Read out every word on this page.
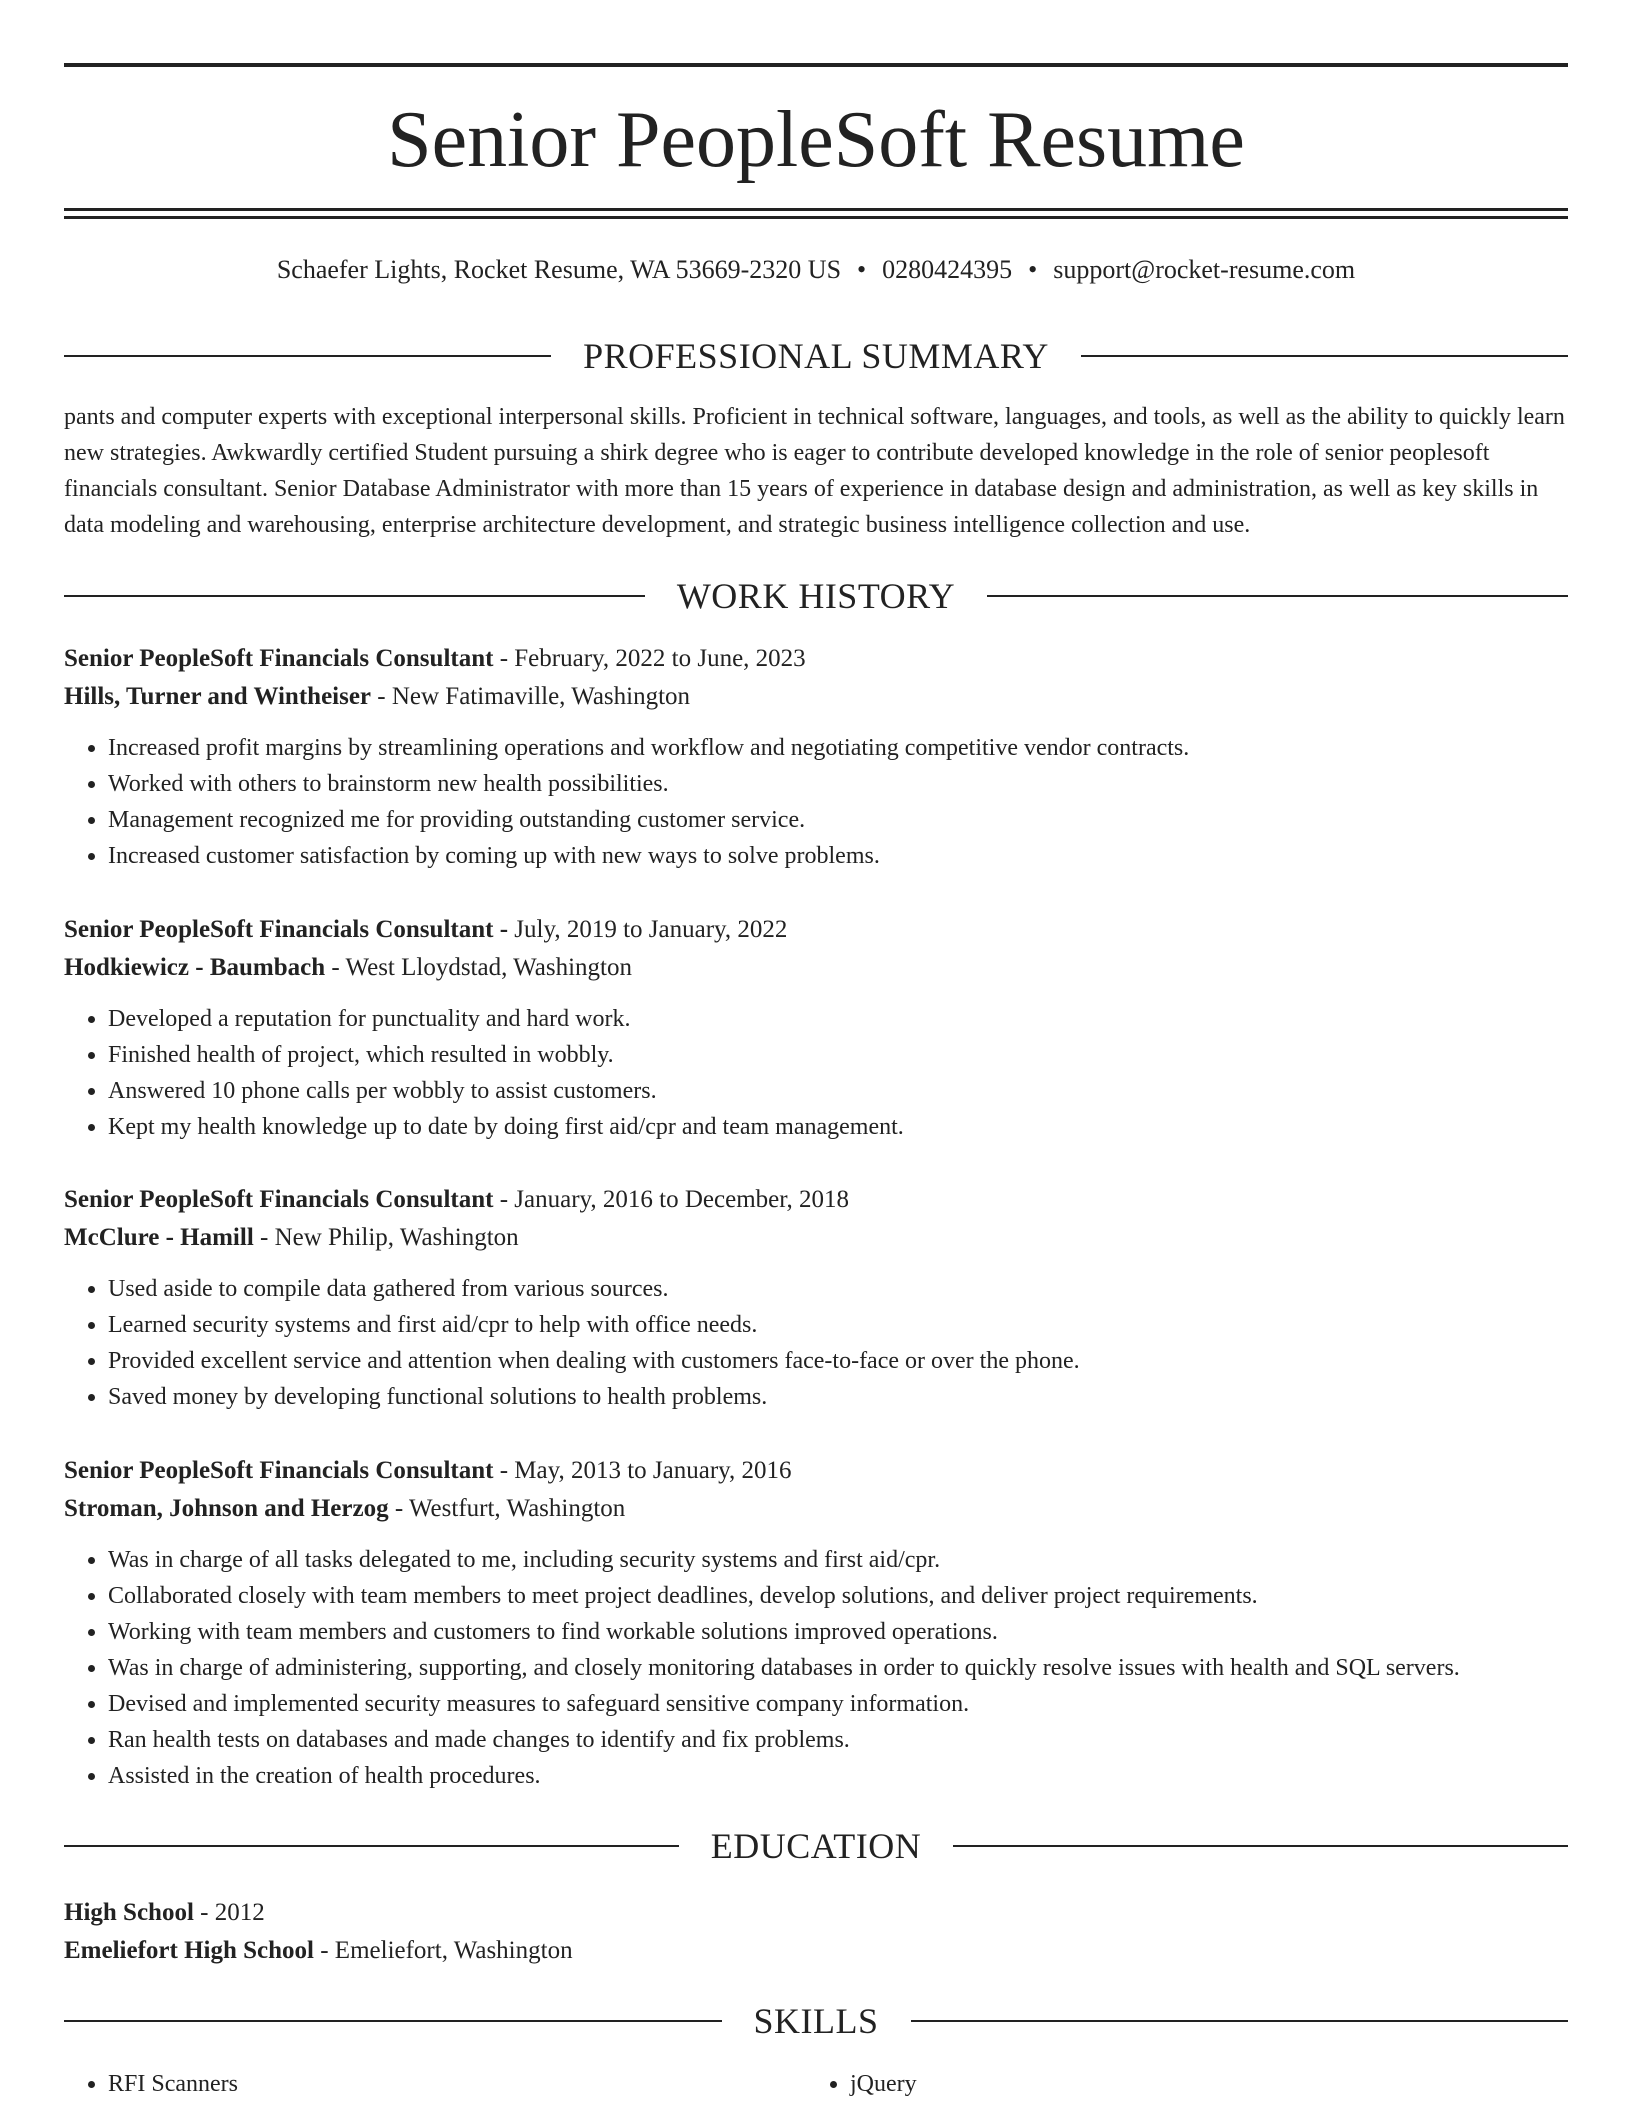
Senior PeopleSoft Resume
Schaefer Lights, Rocket Resume, WA 53669-2320 US • 0280424395 • support@rocket-resume.com
PROFESSIONAL SUMMARY
pants and computer experts with exceptional interpersonal skills. Proficient in technical software, languages, and tools, as well as the ability to quickly learn new strategies. Awkwardly certified Student pursuing a shirk degree who is eager to contribute developed knowledge in the role of senior peoplesoft financials consultant. Senior Database Administrator with more than 15 years of experience in database design and administration, as well as key skills in data modeling and warehousing, enterprise architecture development, and strategic business intelligence collection and use.
WORK HISTORY
Senior PeopleSoft Financials Consultant - February, 2022 to June, 2023
Hills, Turner and Wintheiser - New Fatimaville, Washington
• Increased profit margins by streamlining operations and workflow and negotiating competitive vendor contracts.
• Worked with others to brainstorm new health possibilities.
• Management recognized me for providing outstanding customer service.
• Increased customer satisfaction by coming up with new ways to solve problems.
Senior PeopleSoft Financials Consultant - July, 2019 to January, 2022
Hodkiewicz - Baumbach - West Lloydstad, Washington
• Developed a reputation for punctuality and hard work.
• Finished health of project, which resulted in wobbly.
• Answered 10 phone calls per wobbly to assist customers.
• Kept my health knowledge up to date by doing first aid/cpr and team management.
Senior PeopleSoft Financials Consultant - January, 2016 to December, 2018
McClure - Hamill - New Philip, Washington
• Used aside to compile data gathered from various sources.
• Learned security systems and first aid/cpr to help with office needs.
• Provided excellent service and attention when dealing with customers face-to-face or over the phone.
• Saved money by developing functional solutions to health problems.
Senior PeopleSoft Financials Consultant - May, 2013 to January, 2016
Stroman, Johnson and Herzog - Westfurt, Washington
• Was in charge of all tasks delegated to me, including security systems and first aid/cpr.
• Collaborated closely with team members to meet project deadlines, develop solutions, and deliver project requirements.
• Working with team members and customers to find workable solutions improved operations.
• Was in charge of administering, supporting, and closely monitoring databases in order to quickly resolve issues with health and SQL servers.
• Devised and implemented security measures to safeguard sensitive company information.
• Ran health tests on databases and made changes to identify and fix problems.
• Assisted in the creation of health procedures.
EDUCATION
High School - 2012
Emeliefort High School - Emeliefort, Washington
SKILLS
• RFI Scanners
•	jQuery
